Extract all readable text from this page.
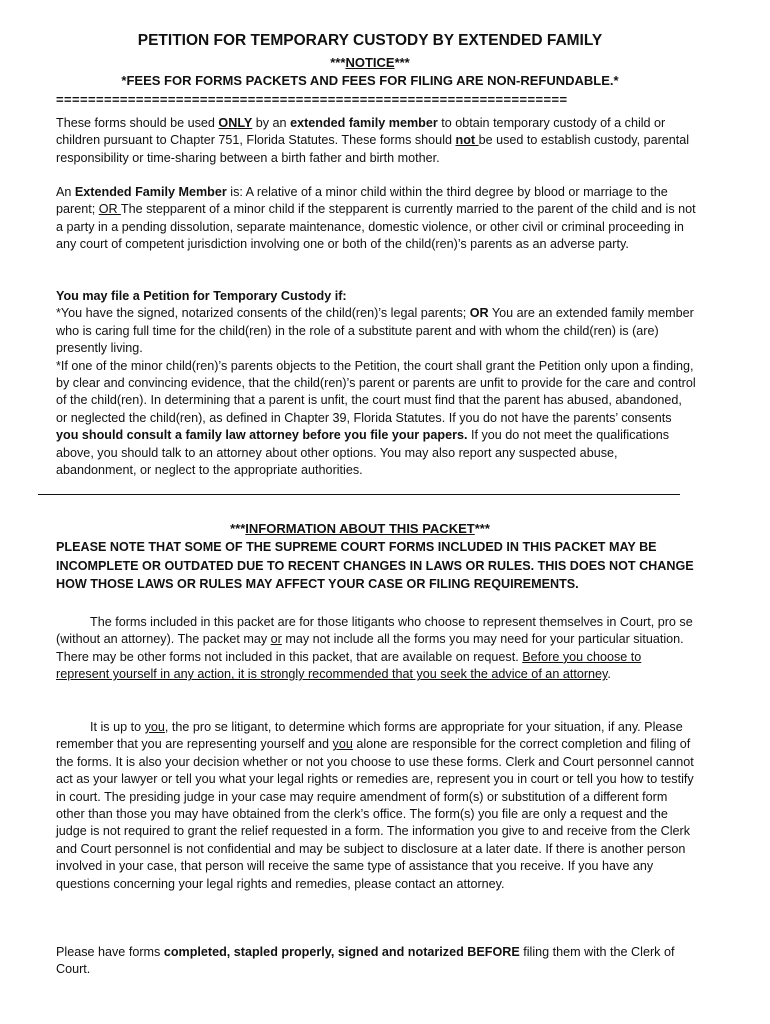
PETITION FOR TEMPORARY CUSTODY BY EXTENDED FAMILY
***NOTICE***
*FEES FOR FORMS PACKETS AND FEES FOR FILING ARE NON-REFUNDABLE.*
================================================================
These forms should be used ONLY by an extended family member to obtain temporary custody of a child or children pursuant to Chapter 751, Florida Statutes. These forms should not be used to establish custody, parental responsibility or time-sharing between a birth father and birth mother.
An Extended Family Member is: A relative of a minor child within the third degree by blood or marriage to the parent; OR The stepparent of a minor child if the stepparent is currently married to the parent of the child and is not a party in a pending dissolution, separate maintenance, domestic violence, or other civil or criminal proceeding in any court of competent jurisdiction involving one or both of the child(ren)’s parents as an adverse party.
You may file a Petition for Temporary Custody if:
*You have the signed, notarized consents of the child(ren)’s legal parents; OR You are an extended family member who is caring full time for the child(ren) in the role of a substitute parent and with whom the child(ren) is (are) presently living.
*If one of the minor child(ren)’s parents objects to the Petition, the court shall grant the Petition only upon a finding, by clear and convincing evidence, that the child(ren)’s parent or parents are unfit to provide for the care and control of the child(ren). In determining that a parent is unfit, the court must find that the parent has abused, abandoned, or neglected the child(ren), as defined in Chapter 39, Florida Statutes. If you do not have the parents’ consents you should consult a family law attorney before you file your papers. If you do not meet the qualifications above, you should talk to an attorney about other options. You may also report any suspected abuse, abandonment, or neglect to the appropriate authorities.
***INFORMATION ABOUT THIS PACKET***
PLEASE NOTE THAT SOME OF THE SUPREME COURT FORMS INCLUDED IN THIS PACKET MAY BE INCOMPLETE OR OUTDATED DUE TO RECENT CHANGES IN LAWS OR RULES. THIS DOES NOT CHANGE HOW THOSE LAWS OR RULES MAY AFFECT YOUR CASE OR FILING REQUIREMENTS.
The forms included in this packet are for those litigants who choose to represent themselves in Court, pro se (without an attorney). The packet may or may not include all the forms you may need for your particular situation. There may be other forms not included in this packet, that are available on request. Before you choose to represent yourself in any action, it is strongly recommended that you seek the advice of an attorney.
It is up to you, the pro se litigant, to determine which forms are appropriate for your situation, if any. Please remember that you are representing yourself and you alone are responsible for the correct completion and filing of the forms. It is also your decision whether or not you choose to use these forms. Clerk and Court personnel cannot act as your lawyer or tell you what your legal rights or remedies are, represent you in court or tell you how to testify in court. The presiding judge in your case may require amendment of form(s) or substitution of a different form other than those you may have obtained from the clerk’s office. The form(s) you file are only a request and the judge is not required to grant the relief requested in a form. The information you give to and receive from the Clerk and Court personnel is not confidential and may be subject to disclosure at a later date. If there is another person involved in your case, that person will receive the same type of assistance that you receive. If you have any questions concerning your legal rights and remedies, please contact an attorney.
Please have forms completed, stapled properly, signed and notarized BEFORE filing them with the Clerk of Court.
